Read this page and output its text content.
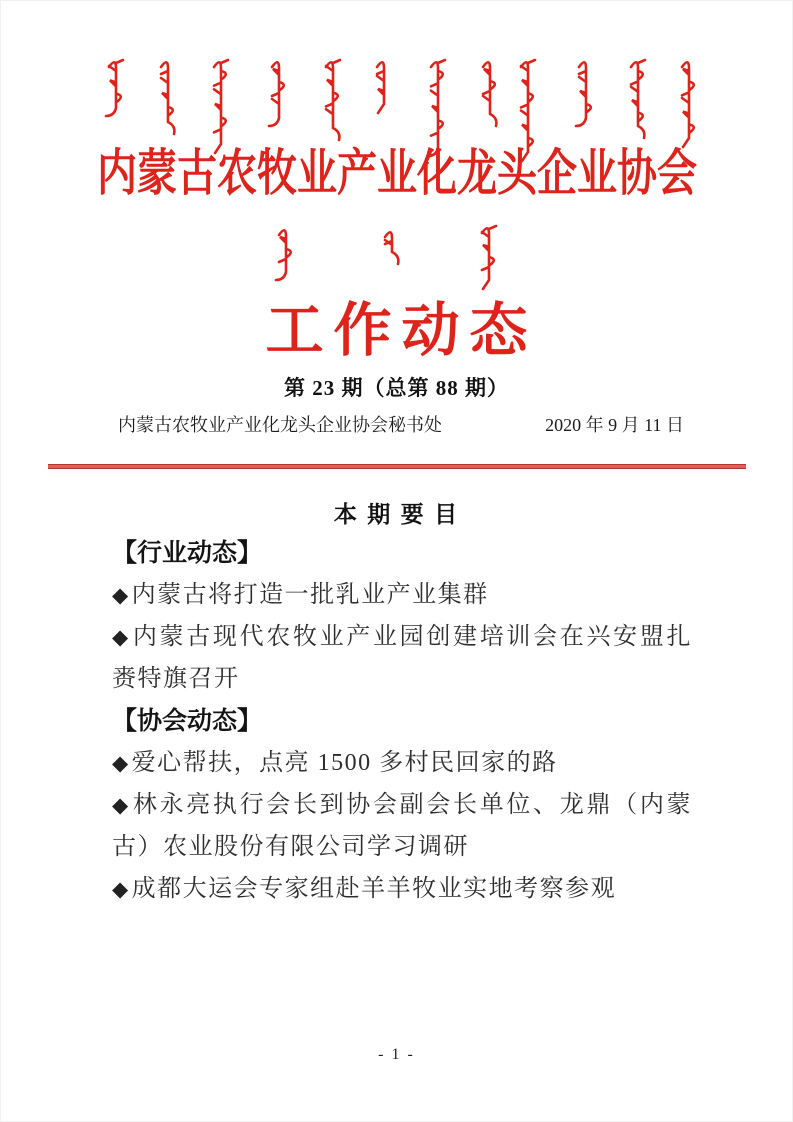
内蒙古农牧业产业化龙头企业协会
工作动态
第 23 期（总第 88 期）
内蒙古农牧业产业化龙头企业协会秘书处	2020 年 9 月 11 日
本 期 要 目
【行业动态】

◆内蒙古将打造一批乳业产业集群

◆内蒙古现代农牧业产业园创建培训会在兴安盟扎赉特旗召开

【协会动态】

◆爱心帮扶，点亮 1500 多村民回家的路

◆林永亮执行会长到协会副会长单位、龙鼎（内蒙古）农业股份有限公司学习调研

◆成都大运会专家组赴羊羊牧业实地考察参观

- 1 -
